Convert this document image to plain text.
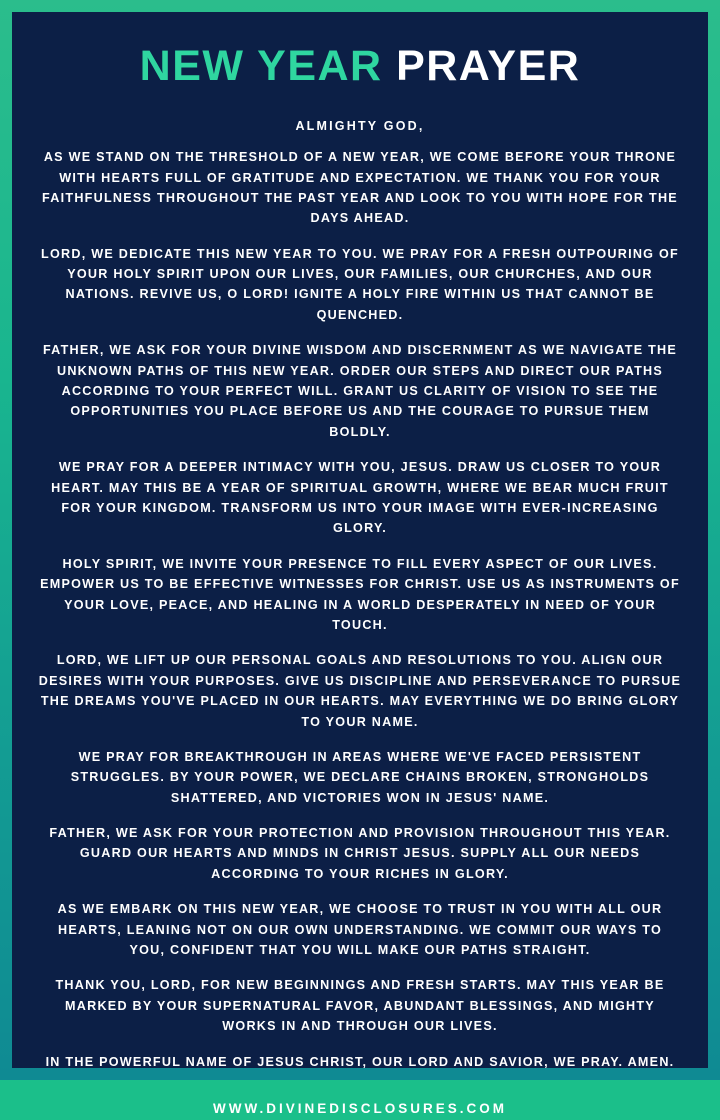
NEW YEAR PRAYER
ALMIGHTY GOD,

AS WE STAND ON THE THRESHOLD OF A NEW YEAR, WE COME BEFORE YOUR THRONE WITH HEARTS FULL OF GRATITUDE AND EXPECTATION. WE THANK YOU FOR YOUR FAITHFULNESS THROUGHOUT THE PAST YEAR AND LOOK TO YOU WITH HOPE FOR THE DAYS AHEAD.

LORD, WE DEDICATE THIS NEW YEAR TO YOU. WE PRAY FOR A FRESH OUTPOURING OF YOUR HOLY SPIRIT UPON OUR LIVES, OUR FAMILIES, OUR CHURCHES, AND OUR NATIONS. REVIVE US, O LORD! IGNITE A HOLY FIRE WITHIN US THAT CANNOT BE QUENCHED.

FATHER, WE ASK FOR YOUR DIVINE WISDOM AND DISCERNMENT AS WE NAVIGATE THE UNKNOWN PATHS OF THIS NEW YEAR. ORDER OUR STEPS AND DIRECT OUR PATHS ACCORDING TO YOUR PERFECT WILL. GRANT US CLARITY OF VISION TO SEE THE OPPORTUNITIES YOU PLACE BEFORE US AND THE COURAGE TO PURSUE THEM BOLDLY.

WE PRAY FOR A DEEPER INTIMACY WITH YOU, JESUS. DRAW US CLOSER TO YOUR HEART. MAY THIS BE A YEAR OF SPIRITUAL GROWTH, WHERE WE BEAR MUCH FRUIT FOR YOUR KINGDOM. TRANSFORM US INTO YOUR IMAGE WITH EVER-INCREASING GLORY.

HOLY SPIRIT, WE INVITE YOUR PRESENCE TO FILL EVERY ASPECT OF OUR LIVES. EMPOWER US TO BE EFFECTIVE WITNESSES FOR CHRIST. USE US AS INSTRUMENTS OF YOUR LOVE, PEACE, AND HEALING IN A WORLD DESPERATELY IN NEED OF YOUR TOUCH.

LORD, WE LIFT UP OUR PERSONAL GOALS AND RESOLUTIONS TO YOU. ALIGN OUR DESIRES WITH YOUR PURPOSES. GIVE US DISCIPLINE AND PERSEVERANCE TO PURSUE THE DREAMS YOU'VE PLACED IN OUR HEARTS. MAY EVERYTHING WE DO BRING GLORY TO YOUR NAME.

WE PRAY FOR BREAKTHROUGH IN AREAS WHERE WE'VE FACED PERSISTENT STRUGGLES. BY YOUR POWER, WE DECLARE CHAINS BROKEN, STRONGHOLDS SHATTERED, AND VICTORIES WON IN JESUS' NAME.

FATHER, WE ASK FOR YOUR PROTECTION AND PROVISION THROUGHOUT THIS YEAR. GUARD OUR HEARTS AND MINDS IN CHRIST JESUS. SUPPLY ALL OUR NEEDS ACCORDING TO YOUR RICHES IN GLORY.

AS WE EMBARK ON THIS NEW YEAR, WE CHOOSE TO TRUST IN YOU WITH ALL OUR HEARTS, LEANING NOT ON OUR OWN UNDERSTANDING. WE COMMIT OUR WAYS TO YOU, CONFIDENT THAT YOU WILL MAKE OUR PATHS STRAIGHT.

THANK YOU, LORD, FOR NEW BEGINNINGS AND FRESH STARTS. MAY THIS YEAR BE MARKED BY YOUR SUPERNATURAL FAVOR, ABUNDANT BLESSINGS, AND MIGHTY WORKS IN AND THROUGH OUR LIVES.

IN THE POWERFUL NAME OF JESUS CHRIST, OUR LORD AND SAVIOR, WE PRAY. AMEN.

WWW.DIVINEDISCLOSURES.COM
